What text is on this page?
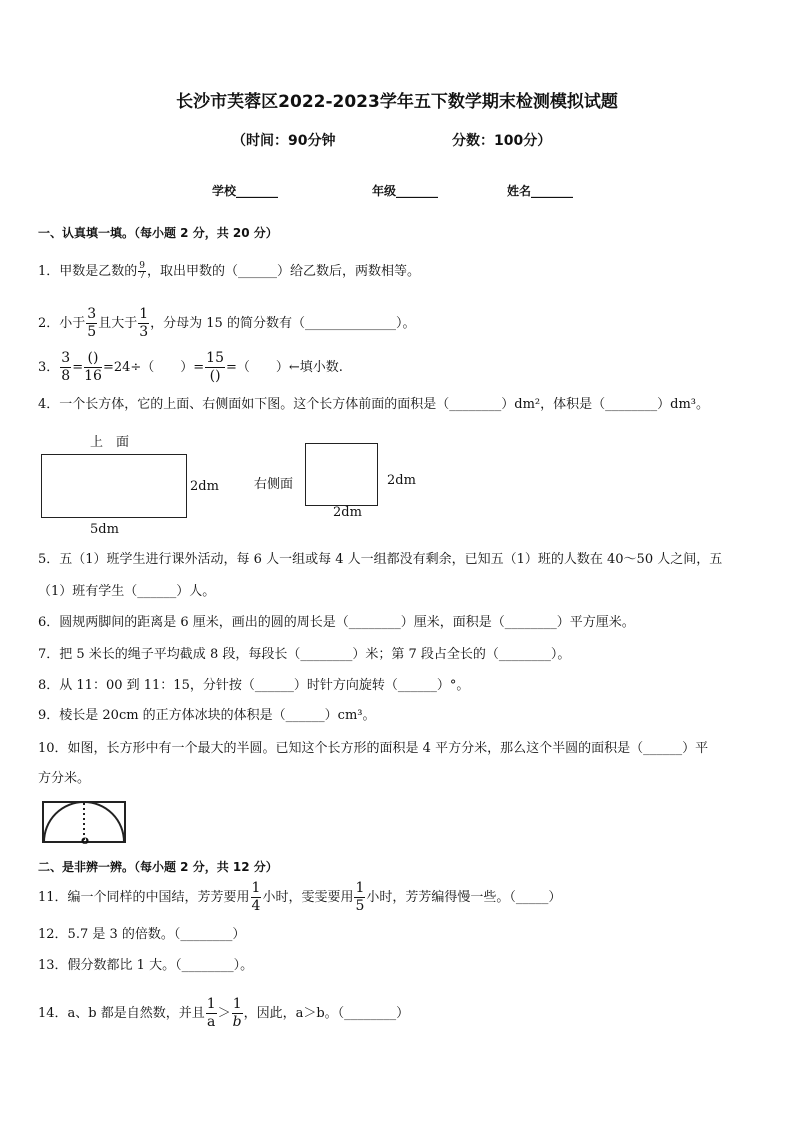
长沙市芙蓉区2022-2023学年五下数学期末检测模拟试题
（时间：90分钟	分数：100分）
学校_______	年级_______	姓名_______
一、认真填一填。（每小题 2 分，共 20 分）
1．甲数是乙数的 $\frac{9}{7}$ ，取出甲数的（______）给乙数后，两数相等。
2．小于 $\frac{3}{5}$ 且大于 $\frac{1}{3}$ ，分母为 15 的简分数有（______________）。
3． $\frac{3}{8} = \frac{()}{16} =24\div$（　　）= $\frac{15}{()}$ =（　　）←填小数.
4．一个长方体，它的上面、右侧面如下图。这个长方体前面的面积是（________）dm²，体积是（________）dm³。
上　面
2dm
5dm
右侧面	2dm
2dm
5．五（1）班学生进行课外活动，每 6 人一组或每 4 人一组都没有剩余，已知五（1）班的人数在 40～50 人之间，五
（1）班有学生（______）人。
6．圆规两脚间的距离是 6 厘米，画出的圆的周长是（________）厘米，面积是（________）平方厘米。
7．把 5 米长的绳子平均截成 8 段，每段长（________）米；第 7 段占全长的（________）。
8．从 11：00 到 11：15，分针按（______）时针方向旋转（______）°。
9．棱长是 20cm 的正方体冰块的体积是（______）cm³。
10．如图，长方形中有一个最大的半圆。已知这个长方形的面积是 4 平方分米，那么这个半圆的面积是（______）平
方分米。
o
二、是非辨一辨。（每小题 2 分，共 12 分）
11．编一个同样的中国结，芳芳要用 $\frac{1}{4}$ 小时，雯雯要用 $\frac{1}{5}$ 小时，芳芳编得慢一些。（_____）
12．5.7 是 3 的倍数。（________）
13．假分数都比 1 大。（________）。
14．a、b 都是自然数，并且 $\frac{1}{a} > \frac{1}{b}$ ，因此，a＞b。（________）
